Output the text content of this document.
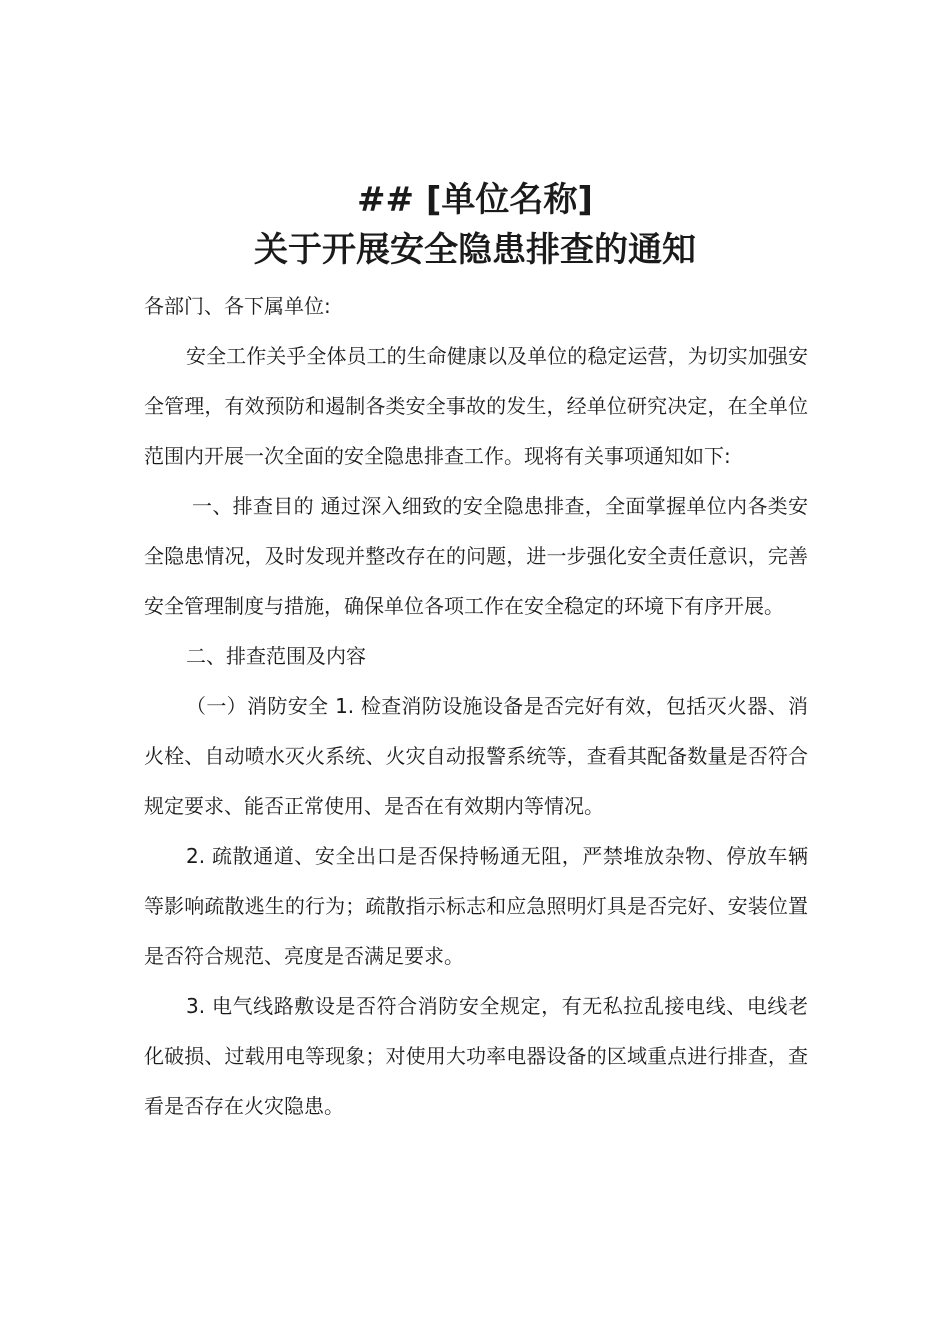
## [单位名称]
关于开展安全隐患排查的通知

各部门、各下属单位:

安全工作关乎全体员工的生命健康以及单位的稳定运营，为切实加强安全管理，有效预防和遏制各类安全事故的发生，经单位研究决定，在全单位范围内开展一次全面的安全隐患排查工作。现将有关事项通知如下:

一、排查目的 通过深入细致的安全隐患排查，全面掌握单位内各类安全隐患情况，及时发现并整改存在的问题，进一步强化安全责任意识，完善安全管理制度与措施，确保单位各项工作在安全稳定的环境下有序开展。

二、排查范围及内容

（一）消防安全 1. 检查消防设施设备是否完好有效，包括灭火器、消火栓、自动喷水灭火系统、火灾自动报警系统等，查看其配备数量是否符合规定要求、能否正常使用、是否在有效期内等情况。

2. 疏散通道、安全出口是否保持畅通无阻，严禁堆放杂物、停放车辆等影响疏散逃生的行为；疏散指示标志和应急照明灯具是否完好、安装位置是否符合规范、亮度是否满足要求。

3. 电气线路敷设是否符合消防安全规定，有无私拉乱接电线、电线老化破损、过载用电等现象；对使用大功率电器设备的区域重点进行排查，查看是否存在火灾隐患。
